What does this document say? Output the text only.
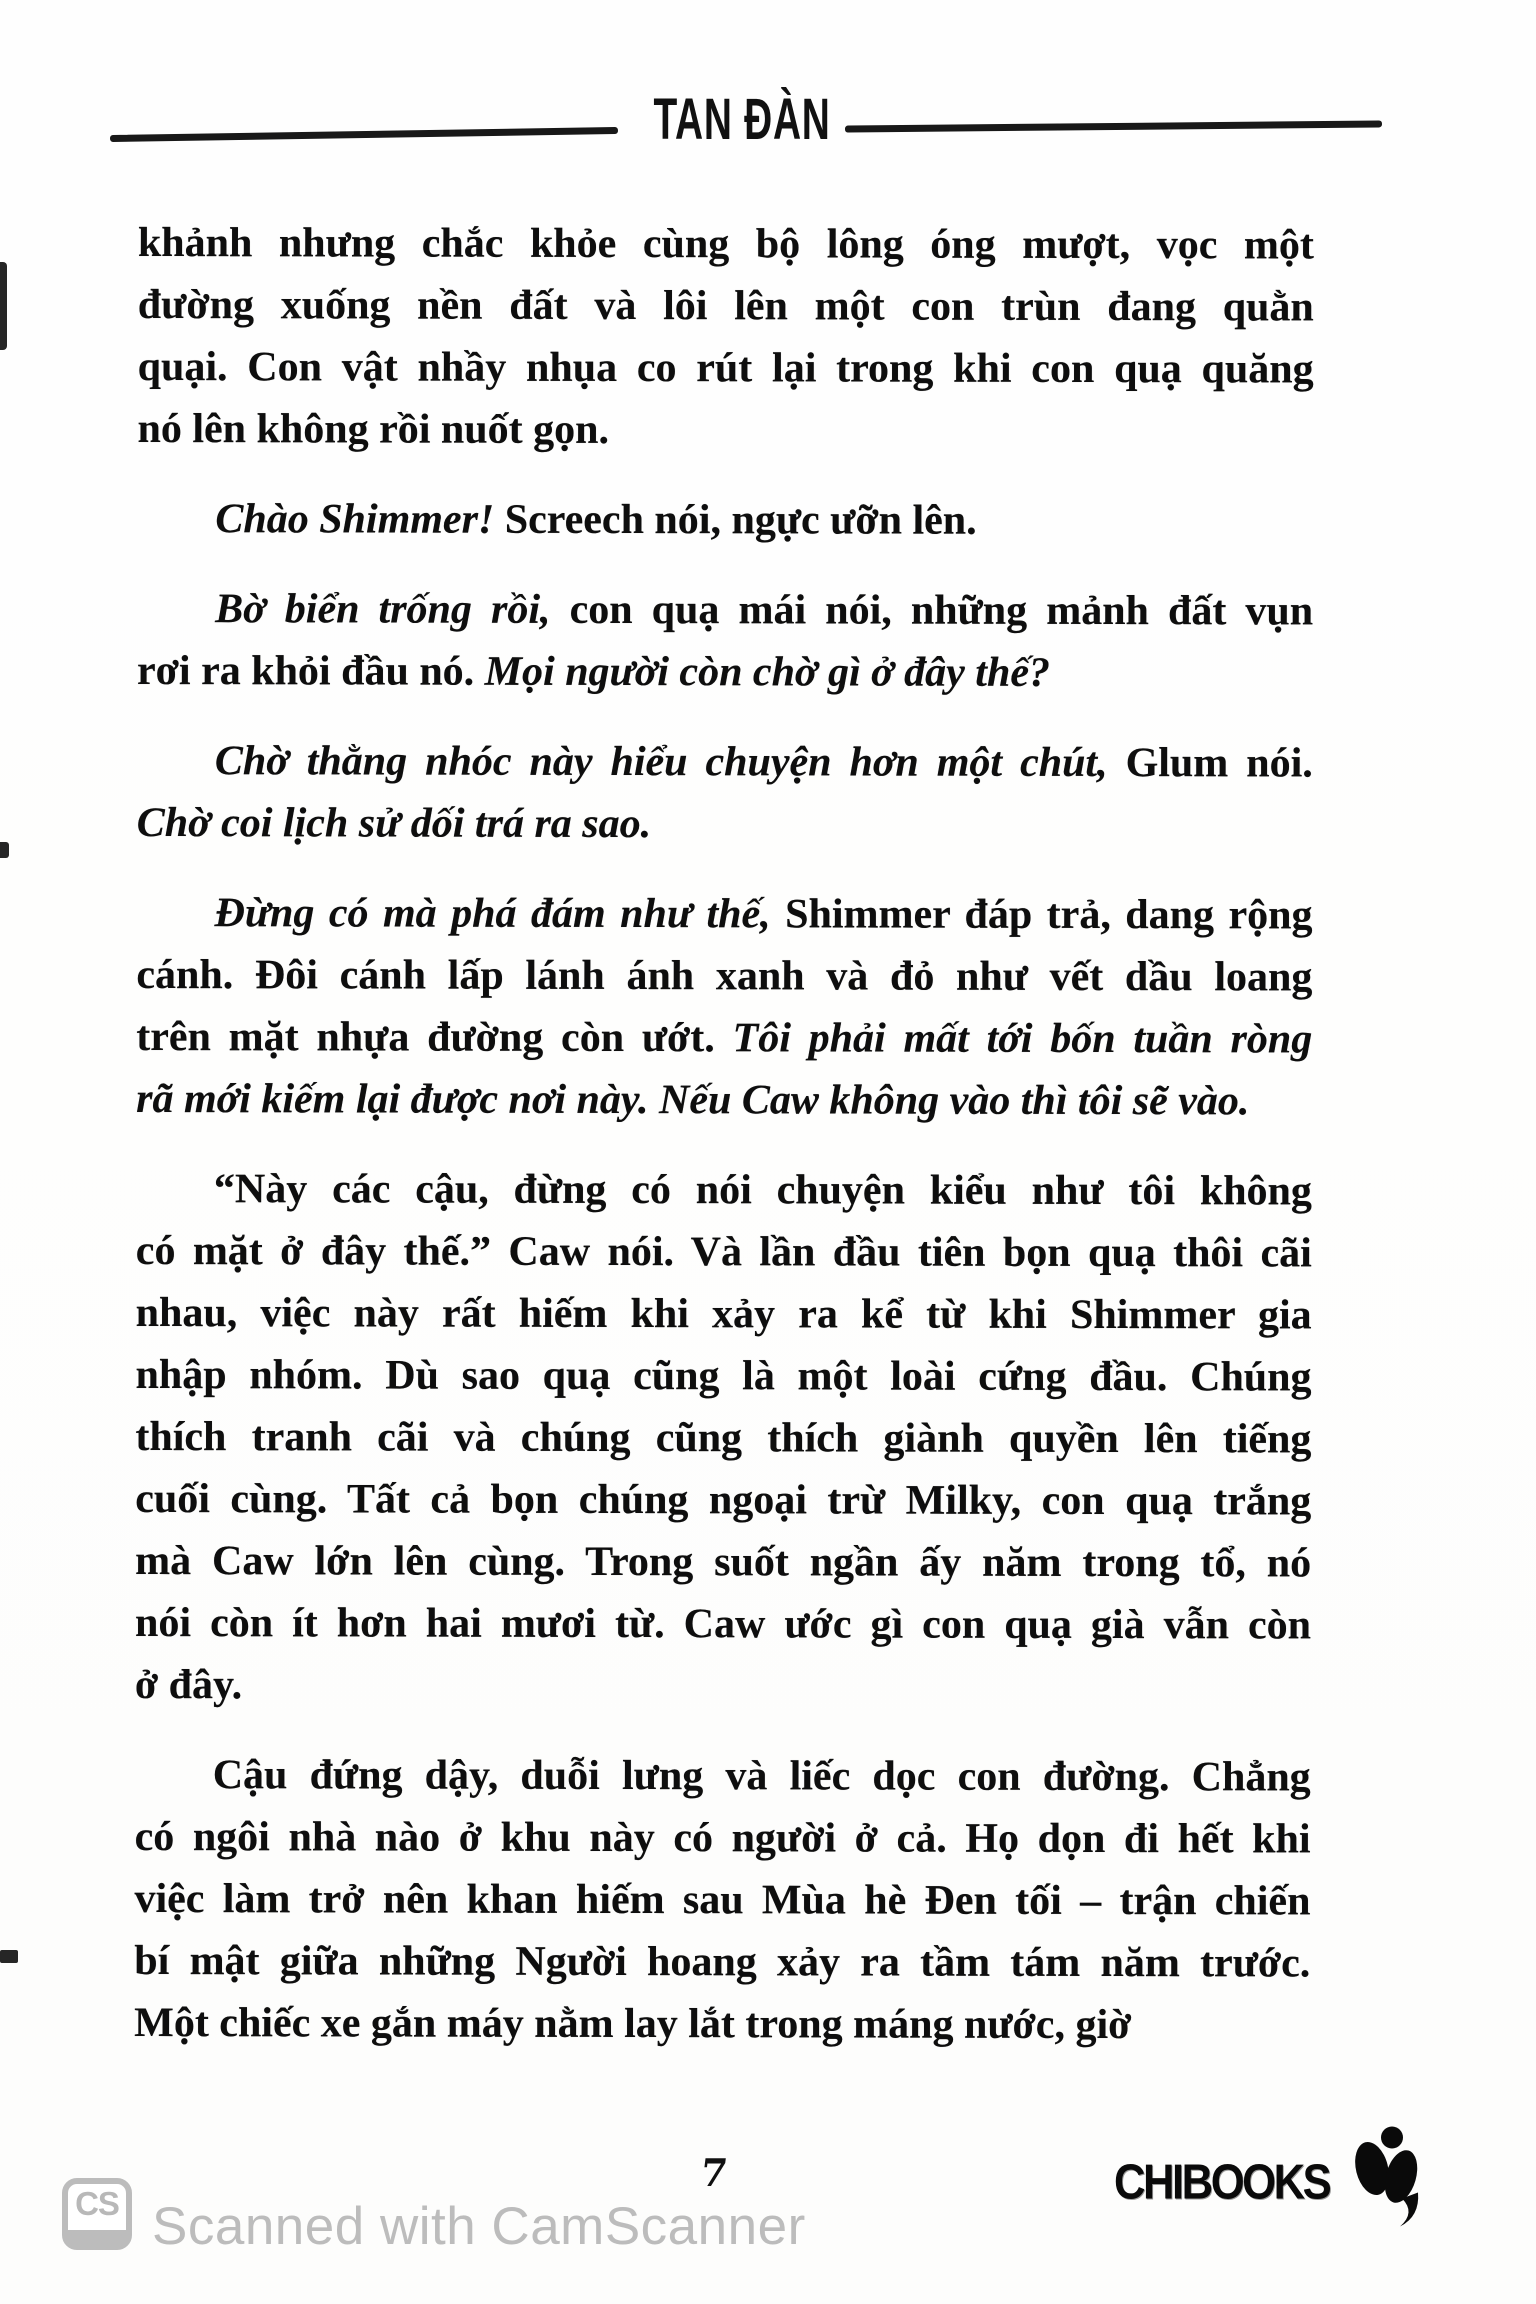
TAN ĐÀN
khảnh nhưng chắc khỏe cùng bộ lông óng mượt, vọc một
đường xuống nền đất và lôi lên một con trùn đang quằn
quại. Con vật nhầy nhụa co rút lại trong khi con quạ quăng
nó lên không rồi nuốt gọn.
Chào Shimmer! Screech nói, ngực ưỡn lên.
Bờ biển trống rồi, con quạ mái nói, những mảnh đất vụn
rơi ra khỏi đầu nó. Mọi người còn chờ gì ở đây thế?
Chờ thằng nhóc này hiểu chuyện hơn một chút, Glum nói.
Chờ coi lịch sử dối trá ra sao.
Đừng có mà phá đám như thế, Shimmer đáp trả, dang rộng
cánh. Đôi cánh lấp lánh ánh xanh và đỏ như vết dầu loang
trên mặt nhựa đường còn ướt. Tôi phải mất tới bốn tuần ròng
rã mới kiếm lại được nơi này. Nếu Caw không vào thì tôi sẽ vào.
“Này các cậu, đừng có nói chuyện kiểu như tôi không
có mặt ở đây thế.” Caw nói. Và lần đầu tiên bọn quạ thôi cãi
nhau, việc này rất hiếm khi xảy ra kể từ khi Shimmer gia
nhập nhóm. Dù sao quạ cũng là một loài cứng đầu. Chúng
thích tranh cãi và chúng cũng thích giành quyền lên tiếng
cuối cùng. Tất cả bọn chúng ngoại trừ Milky, con quạ trắng
mà Caw lớn lên cùng. Trong suốt ngần ấy năm trong tổ, nó
nói còn ít hơn hai mươi từ. Caw ước gì con quạ già vẫn còn
ở đây.
Cậu đứng dậy, duỗi lưng và liếc dọc con đường. Chẳng
có ngôi nhà nào ở khu này có người ở cả. Họ dọn đi hết khi
việc làm trở nên khan hiếm sau Mùa hè Đen tối – trận chiến
bí mật giữa những Người hoang xảy ra tầm tám năm trước.
Một chiếc xe gắn máy nằm lay lắt trong máng nước, giờ

7	CHIBOOKS
CS Scanned with CamScanner
